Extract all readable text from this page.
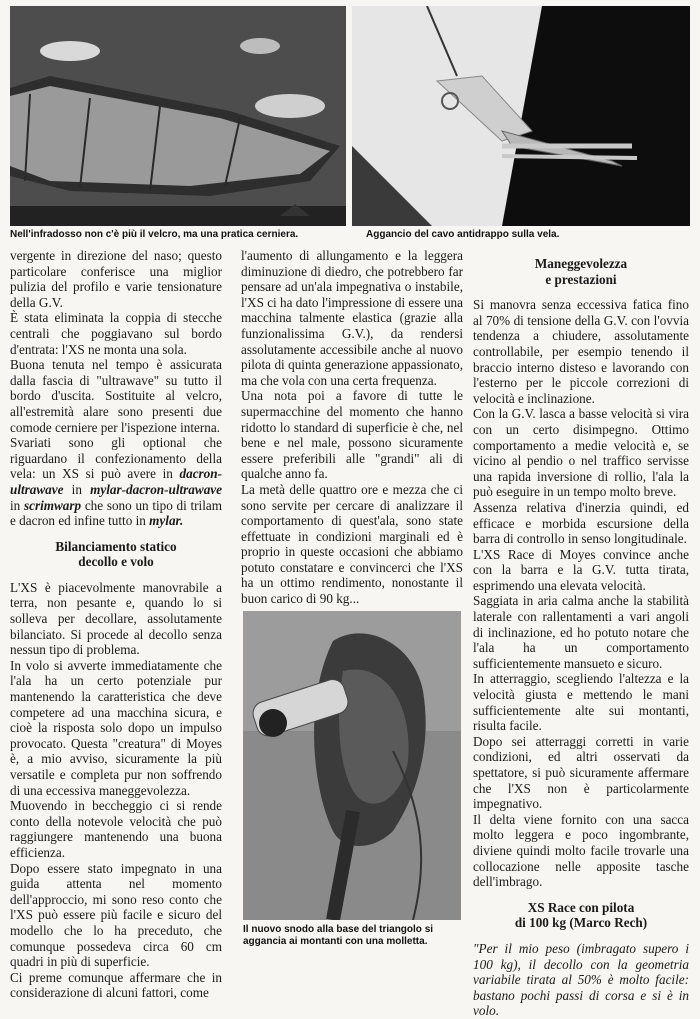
Nell'infradosso non c'è più il velcro, ma una pratica cerniera.	Aggancio del cavo antidrappo sulla vela.
Il nuovo snodo alla base del triangolo si aggancia ai montanti con una molletta.

vergente in direzione del naso; questo particolare conferisce una miglior pulizia del profilo e varie tensionature della G.V.

È stata eliminata la coppia di stecche centrali che poggiavano sul bordo d'entrata: l'XS ne monta una sola.

Buona tenuta nel tempo è assicurata dalla fascia di "ultrawave" su tutto il bordo d'uscita. Sostituite al velcro, all'estremità alare sono presenti due comode cerniere per l'ispezione interna.

Svariati sono gli optional che riguardano il confezionamento della vela: un XS si può avere in dacron-ultrawave in mylar-dacron-ultrawave in scrimwarp che sono un tipo di trilam e dacron ed infine tutto in mylar.

Bilanciamento statico
decollo e volo

L'XS è piacevolmente manovrabile a terra, non pesante e, quando lo si solleva per decollare, assolutamente bilanciato. Si procede al decollo senza nessun tipo di problema.

In volo si avverte immediatamente che l'ala ha un certo potenziale pur mantenendo la caratteristica che deve competere ad una macchina sicura, e cioè la risposta solo dopo un impulso provocato. Questa "creatura" di Moyes è, a mio avviso, sicuramente la più versatile e completa pur non soffrendo di una eccessiva maneggevolezza.

Muovendo in beccheggio ci si rende conto della notevole velocità che può raggiungere mantenendo una buona efficienza.

Dopo essere stato impegnato in una guida attenta nel momento dell'approccio, mi sono reso conto che l'XS può essere più facile e sicuro del modello che lo ha preceduto, che comunque possedeva circa 60 cm quadri in più di superficie.

Ci preme comunque affermare che in considerazione di alcuni fattori, come

l'aumento di allungamento e la leggera diminuzione di diedro, che potrebbero far pensare ad un'ala impegnativa o instabile, l'XS ci ha dato l'impressione di essere una macchina talmente elastica (grazie alla funzionalissima G.V.), da rendersi assolutamente accessibile anche al nuovo pilota di quinta generazione appassionato, ma che vola con una certa frequenza.

Una nota poi a favore di tutte le supermacchine del momento che hanno ridotto lo standard di superficie è che, nel bene e nel male, possono sicuramente essere preferibili alle "grandi" ali di qualche anno fa.

La metà delle quattro ore e mezza che ci sono servite per cercare di analizzare il comportamento di quest'ala, sono state effettuate in condizioni marginali ed è proprio in queste occasioni che abbiamo potuto constatare e convincerci che l'XS ha un ottimo rendimento, nonostante il buon carico di 90 kg...

Maneggevolezza
e prestazioni

Si manovra senza eccessiva fatica fino al 70% di tensione della G.V. con l'ovvia tendenza a chiudere, assolutamente controllabile, per esempio tenendo il braccio interno disteso e lavorando con l'esterno per le piccole correzioni di velocità e inclinazione.

Con la G.V. lasca a basse velocità si vira con un certo disimpegno. Ottimo comportamento a medie velocità e, se vicino al pendio o nel traffico servisse una rapida inversione di rollio, l'ala la può eseguire in un tempo molto breve.

Assenza relativa d'inerzia quindi, ed efficace e morbida escursione della barra di controllo in senso longitudinale.

L'XS Race di Moyes convince anche con la barra e la G.V. tutta tirata, esprimendo una elevata velocità.

Saggiata in aria calma anche la stabilità laterale con rallentamenti a vari angoli di inclinazione, ed ho potuto notare che l'ala ha un comportamento sufficientemente mansueto e sicuro.

In atterraggio, scegliendo l'altezza e la velocità giusta e mettendo le mani sufficientemente alte sui montanti, risulta facile.

Dopo sei atterraggi corretti in varie condizioni, ed altri osservati da spettatore, si può sicuramente affermare che l'XS non è particolarmente impegnativo.

Il delta viene fornito con una sacca molto leggera e poco ingombrante, diviene quindi molto facile trovarle una collocazione nelle apposite tasche dell'imbrago.

XS Race con pilota
di 100 kg (Marco Rech)

"Per il mio peso (imbragato supero i 100 kg), il decollo con la geometria variabile tirata al 50% è molto facile: bastano pochi passi di corsa e si è in volo.
